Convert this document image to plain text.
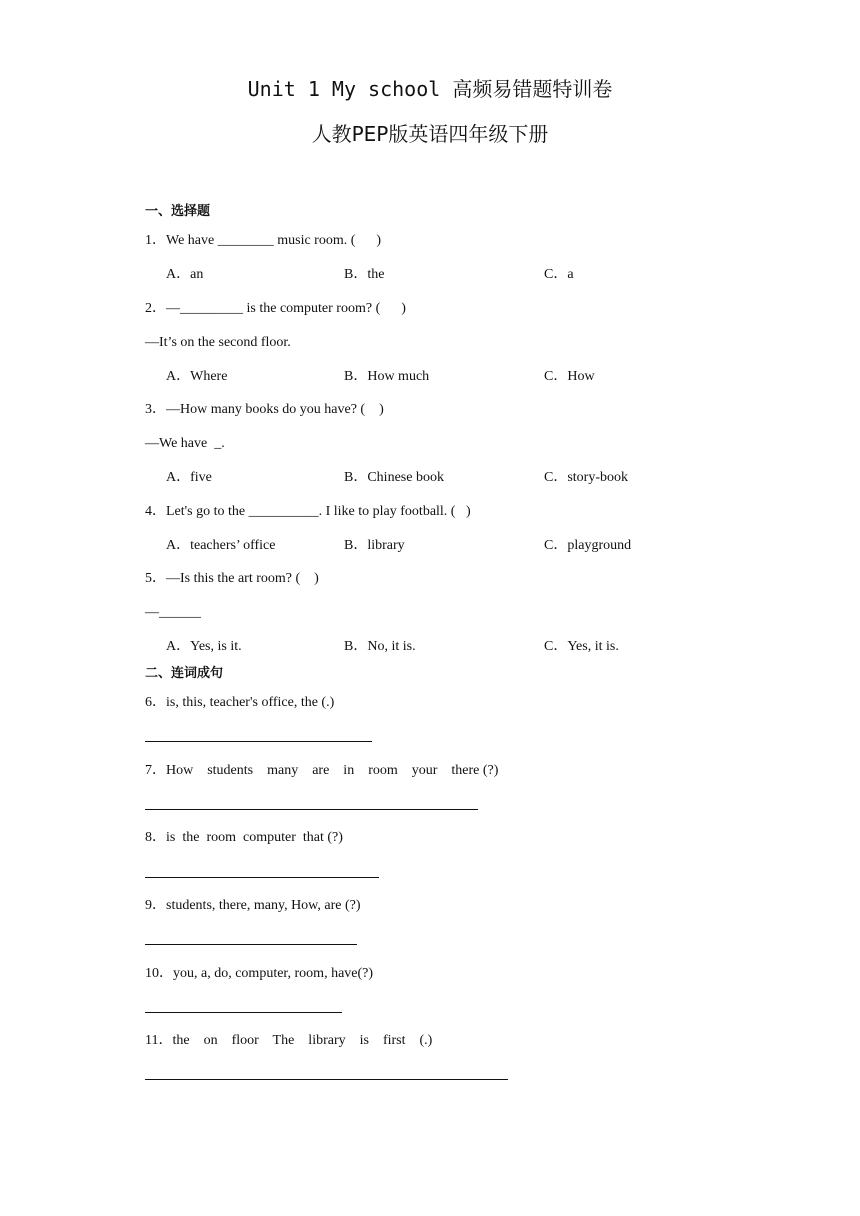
Unit 1 My school 高频易错题特训卷
人教PEP版英语四年级下册
一、选择题
1．We have ________ music room. (      )
A．an	B．the	C．a
2．—_________ is the computer room? (      )
—It’s on the second floor.
A．Where	B．How much	C．How
3．—How many books do you have? (    )
—We have  _.
A．five	B．Chinese book	C．story-book
4．Let's go to the __________. I like to play football. (   )
A．teachers’ office	B．library	C．playground
5．—Is this the art room? (    )
—______
A．Yes, is it.	B．No, it is.	C．Yes, it is.
二、连词成句
6．is, this, teacher's office, the (.)
7．How    students    many    are    in    room    your    there (?)
8．is  the  room  computer  that (?)
9．students, there, many, How, are (?)
10．you, a, do, computer, room, have(?)
11．the    on    floor    The    library    is    first    (.)
